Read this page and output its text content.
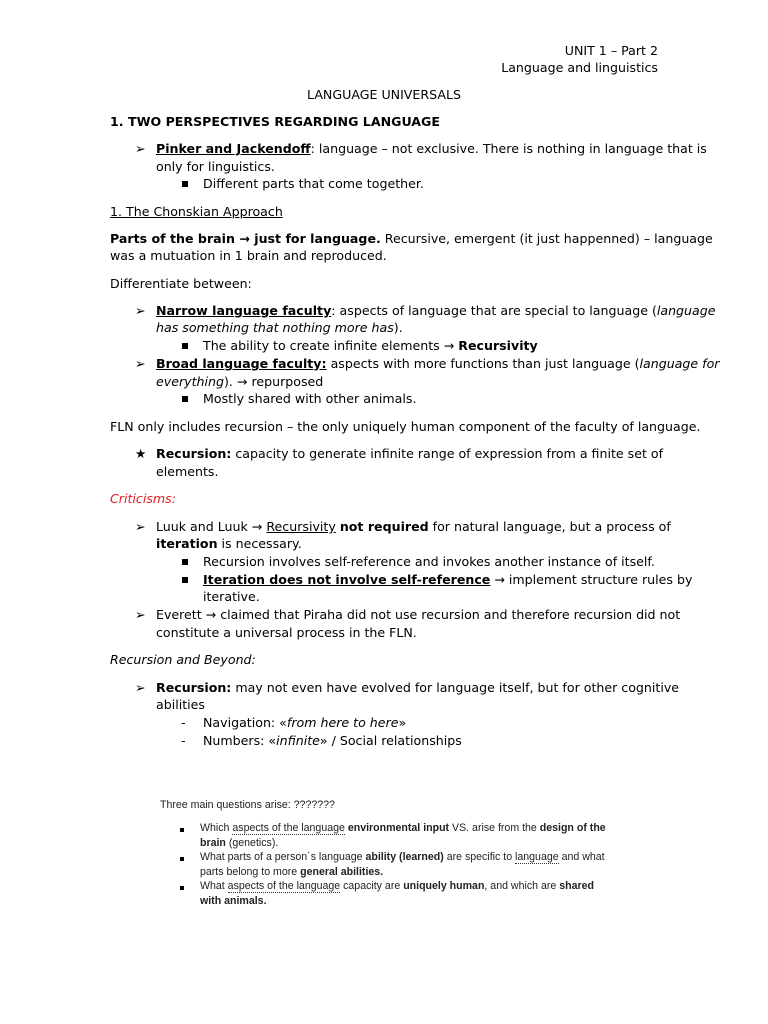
UNIT 1 – Part 2
Language and linguistics
LANGUAGE UNIVERSALS
1. TWO PERSPECTIVES REGARDING LANGUAGE
➢ Pinker and Jackendoff: language – not exclusive. There is nothing in language that is
only for linguistics.
Different parts that come together.
1. The Chonskian Approach
Parts of the brain → just for language. Recursive, emergent (it just happenned) – language
was a mutuation in 1 brain and reproduced.
Differentiate between:
➢ Narrow language faculty: aspects of language that are special to language (language
has something that nothing more has).
The ability to create infinite elements → Recursivity
➢ Broad language faculty: aspects with more functions than just language (language for
everything). → repurposed
Mostly shared with other animals.
FLN only includes recursion – the only uniquely human component of the faculty of language.
★ Recursion: capacity to generate infinite range of expression from a finite set of
elements.
Criticisms:
➢ Luuk and Luuk → Recursivity not required for natural language, but a process of
iteration is necessary.
Recursion involves self-reference and invokes another instance of itself.
Iteration does not involve self-reference → implement structure rules by
iterative.
➢ Everett → claimed that Piraha did not use recursion and therefore recursion did not
constitute a universal process in the FLN.
Recursion and Beyond:
➢ Recursion: may not even have evolved for language itself, but for other cognitive
abilities
- Navigation: «from here to here»
- Numbers: «infinite» / Social relationships
Three main questions arise: ???????
Which aspects of the language environmental input VS. arise from the design of the
brain (genetics).
What parts of a person´s language ability (learned) are specific to language and what
parts belong to more general abilities.
What aspects of the language capacity are uniquely human, and which are shared
with animals.
